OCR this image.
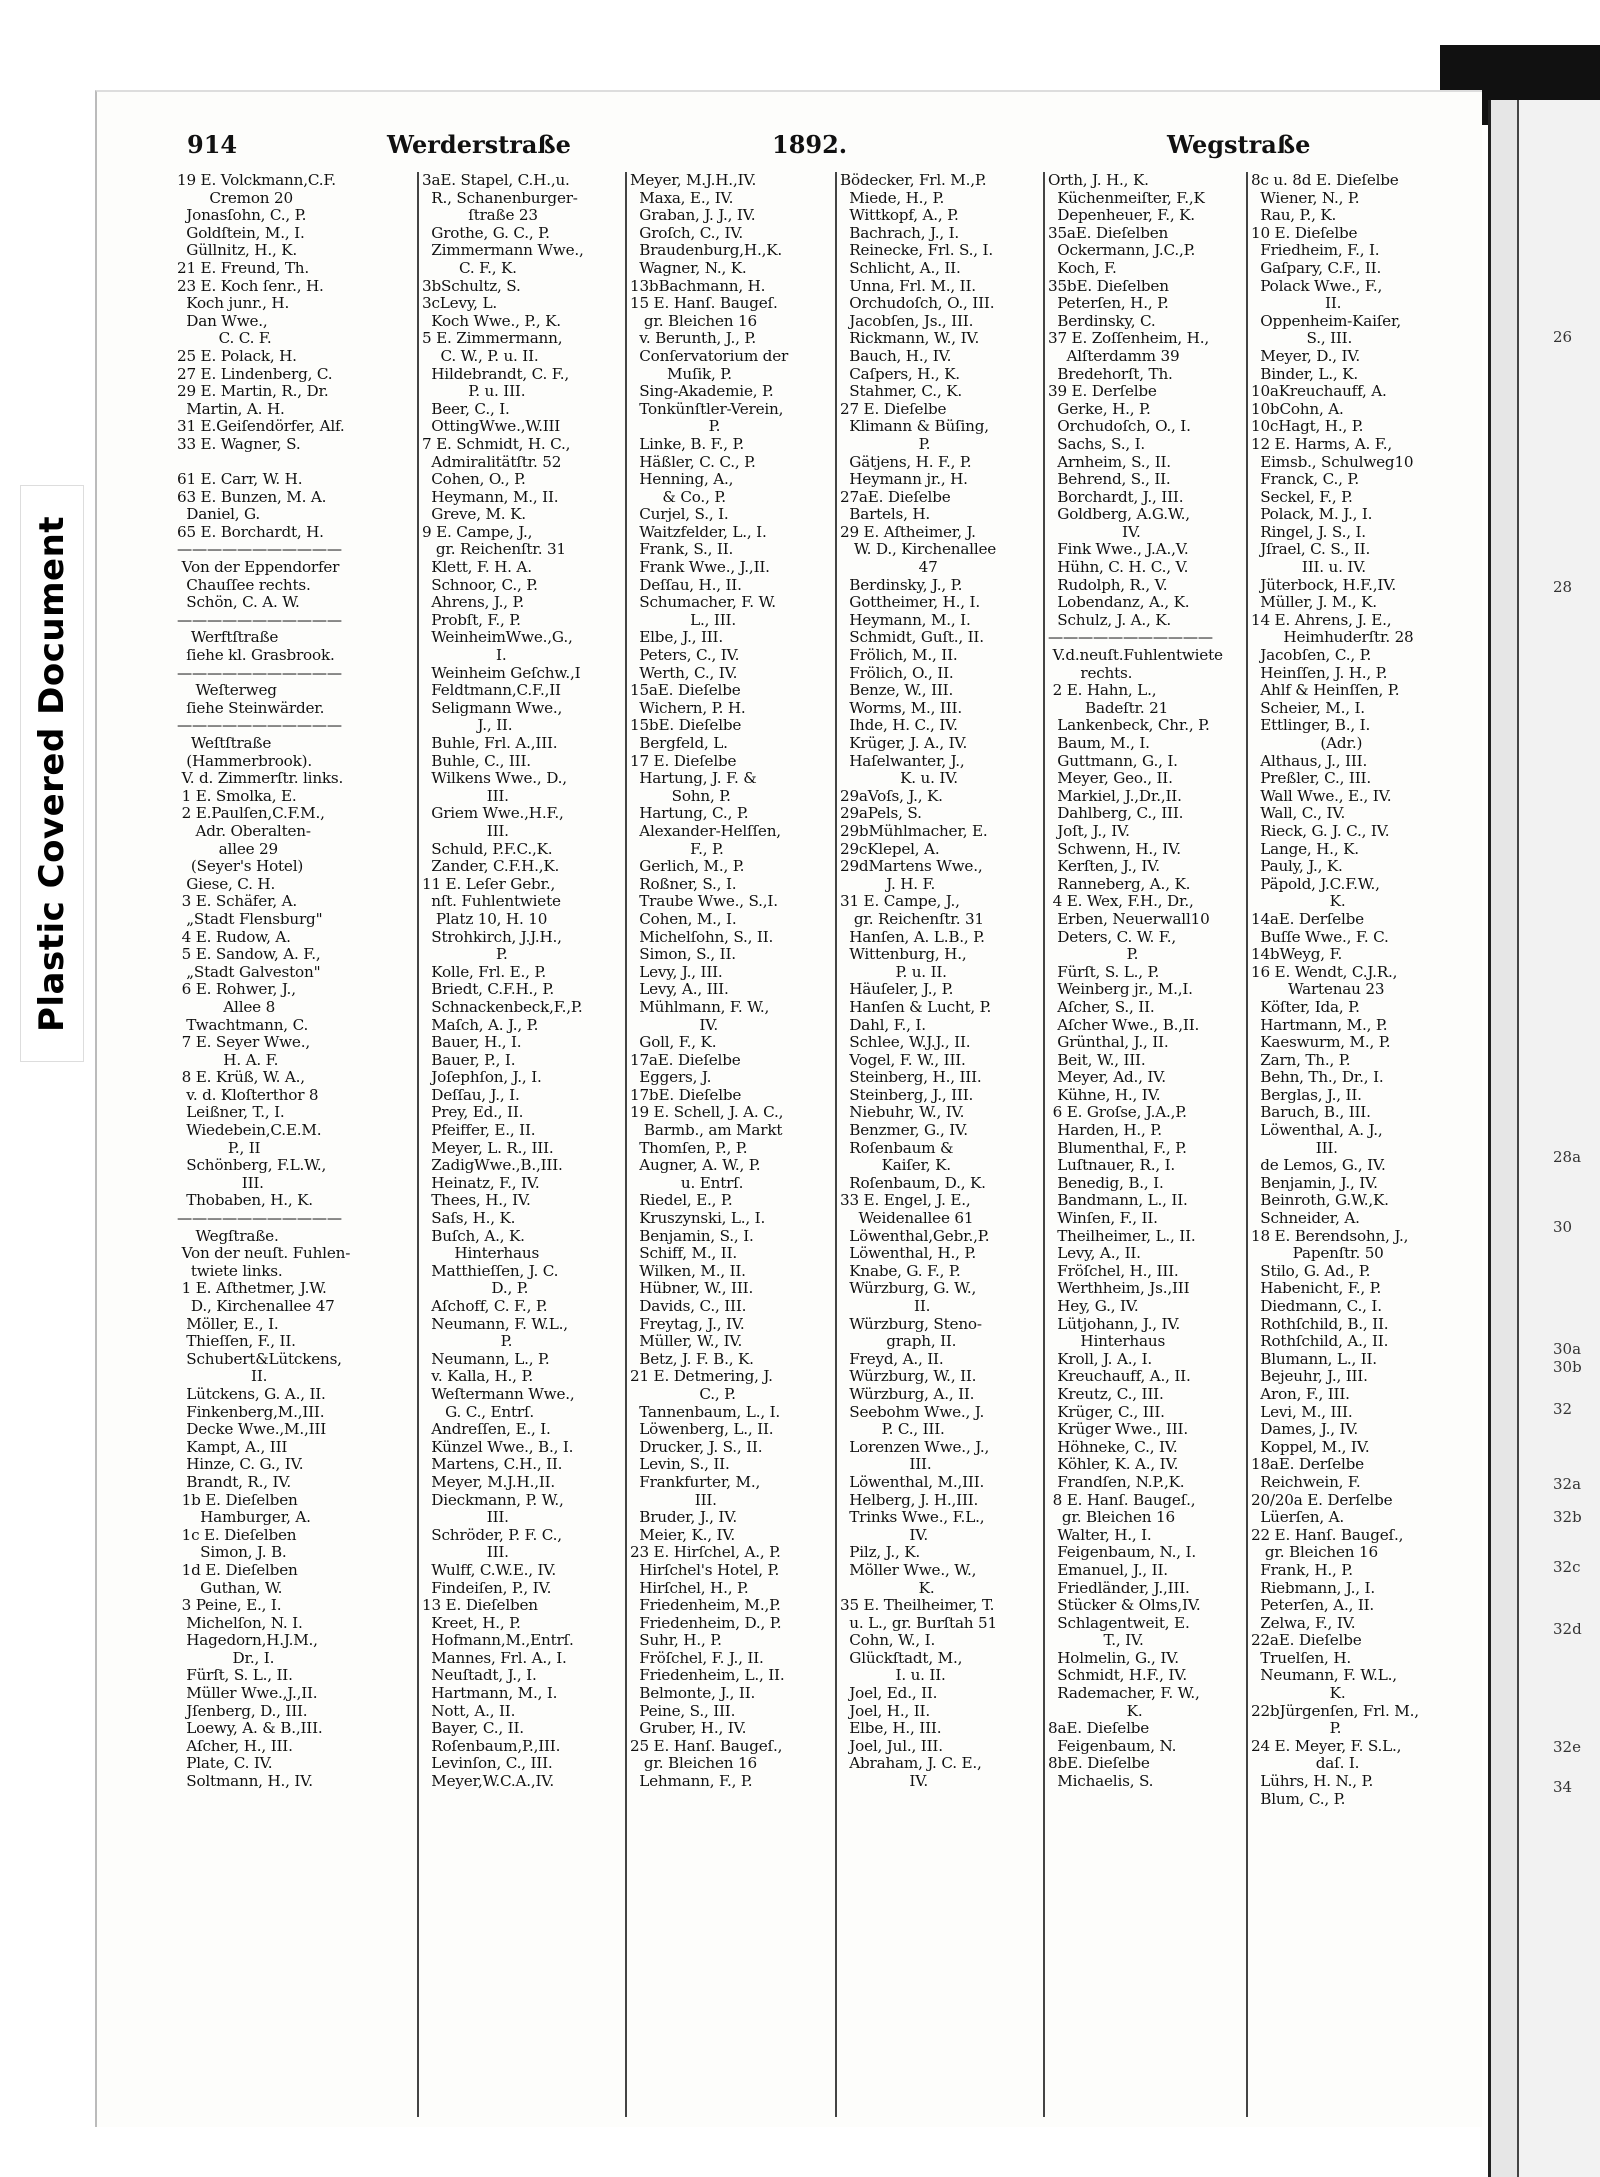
Plastic Covered Document
26
28
28a
30
30a
30b
32
32a
32b
32c
32d
32e
34
914	Werderstraße	1892.	Wegstraße
19 E. Volckmann,C.F.
Cremon 20
Jonasſohn, C., P.
Goldſtein, M., I.
Güllnitz, H., K.
21 E. Freund, Th.
23 E. Koch ſenr., H.
Koch junr., H.
Dan Wwe.,
C. C. F.
25 E. Polack, H.
27 E. Lindenberg, C.
29 E. Martin, R., Dr.
Martin, A. H.
31 E.Geiſendörfer, Alf.
33 E. Wagner, S.

61 E. Carr, W. H.
63 E. Bunzen, M. A.
Daniel, G.
65 E. Borchardt, H.
———————————
Von der Eppendorfer
Chauſſee rechts.
Schön, C. A. W.
———————————
Werftſtraße
ſiehe kl. Grasbrook.
———————————
Weſterweg
ſiehe Steinwärder.
———————————
Weſtſtraße
(Hammerbrook).
V. d. Zimmerſtr. links.
1 E. Smolka, E.
2 E.Paulſen,C.F.M.,
Adr. Oberalten-
allee 29
(Seyer's Hotel)
Giese, C. H.
3 E. Schäfer, A.
„Stadt Flensburg"
4 E. Rudow, A.
5 E. Sandow, A. F.,
„Stadt Galveston"
6 E. Rohwer, J.,
Allee 8
Twachtmann, C.
7 E. Seyer Wwe.,
H. A. F.
8 E. Krüß, W. A.,
v. d. Kloſterthor 8
Leißner, T., I.
Wiedebein,C.E.M.
P., II
Schönberg, F.L.W.,
III.
Thobaben, H., K.
———————————
Wegſtraße.
Von der neuſt. Fuhlen-
twiete links.
1 E. Aſthetmer, J.W.
D., Kirchenallee 47
Möller, E., I.
Thieſſen, F., II.
Schubert&Lütckens,
II.
Lütckens, G. A., II.
Finkenberg,M.,III.
Decke Wwe.,M.,III
Kampt, A., III
Hinze, C. G., IV.
Brandt, R., IV.
1b E. Dieſelben
Hamburger, A.
1c E. Dieſelben
Simon, J. B.
1d E. Dieſelben
Guthan, W.
3 Peine, E., I.
Michelſon, N. I.
Hagedorn,H.J.M.,
Dr., I.
Fürſt, S. L., II.
Müller Wwe.,J.,II.
Jſenberg, D., III.
Loewy, A. & B.,III.
Aſcher, H., III.
Plate, C. IV.
Soltmann, H., IV.
3aE. Stapel, C.H.,u.
R., Schanenburger-
ſtraße 23
Grothe, G. C., P.
Zimmermann Wwe.,
C. F., K.
3bSchultz, S.
3cLevy, L.
Koch Wwe., P., K.
5 E. Zimmermann,
C. W., P. u. II.
Hildebrandt, C. F.,
P. u. III.
Beer, C., I.
OttingWwe.,W.III
7 E. Schmidt, H. C.,
Admiralitätſtr. 52
Cohen, O., P.
Heymann, M., II.
Greve, M. K.
9 E. Campe, J.,
gr. Reichenſtr. 31
Klett, F. H. A.
Schnoor, C., P.
Ahrens, J., P.
Probſt, F., P.
WeinheimWwe.,G.,
I.
Weinheim Geſchw.,I
Feldtmann,C.F.,II
Seligmann Wwe.,
J., II.
Buhle, Frl. A.,III.
Buhle, C., III.
Wilkens Wwe., D.,
III.
Griem Wwe.,H.F.,
III.
Schuld, P.F.C.,K.
Zander, C.F.H.,K.
11 E. Leſer Gebr.,
nſt. Fuhlentwiete
Platz 10, H. 10
Strohkirch, J.J.H.,
P.
Kolle, Frl. E., P.
Briedt, C.F.H., P.
Schnackenbeck,F.,P.
Maſch, A. J., P.
Bauer, H., I.
Bauer, P., I.
Joſephſon, J., I.
Deſſau, J., I.
Prey, Ed., II.
Pfeiffer, E., II.
Meyer, L. R., III.
ZadigWwe.,B.,III.
Heinatz, F., IV.
Thees, H., IV.
Saſs, H., K.
Buſch, A., K.
Hinterhaus
Matthieſſen, J. C.
D., P.
Aſchoff, C. F., P.
Neumann, F. W.L.,
P.
Neumann, L., P.
v. Kalla, H., P.
Weſtermann Wwe.,
G. C., Entrſ.
Andreſſen, E., I.
Künzel Wwe., B., I.
Martens, C.H., II.
Meyer, M.J.H.,II.
Dieckmann, P. W.,
III.
Schröder, P. F. C.,
III.
Wulff, C.W.E., IV.
Findeiſen, P., IV.
13 E. Dieſelben
Kreet, H., P.
Hofmann,M.,Entrſ.
Mannes, Frl. A., I.
Neuſtadt, J., I.
Hartmann, M., I.
Nott, A., II.
Bayer, C., II.
Roſenbaum,P.,III.
Levinſon, C., III.
Meyer,W.C.A.,IV.
Meyer, M.J.H.,IV.
Maxa, E., IV.
Graban, J. J., IV.
Groſch, C., IV.
Braudenburg,H.,K.
Wagner, N., K.
13bBachmann, H.
15 E. Hanſ. Baugeſ.
gr. Bleichen 16
v. Berunth, J., P.
Conſervatorium der
Muſik, P.
Sing-Akademie, P.
Tonkünſtler-Verein,
P.
Linke, B. F., P.
Häßler, C. C., P.
Henning, A.,
& Co., P.
Curjel, S., I.
Waitzfelder, L., I.
Frank, S., II.
Frank Wwe., J.,II.
Deſſau, H., II.
Schumacher, F. W.
L., III.
Elbe, J., III.
Peters, C., IV.
Werth, C., IV.
15aE. Dieſelbe
Wichern, P. H.
15bE. Dieſelbe
Bergfeld, L.
17 E. Dieſelbe
Hartung, J. F. &
Sohn, P.
Hartung, C., P.
Alexander-Helſſen,
F., P.
Gerlich, M., P.
Roßner, S., I.
Traube Wwe., S.,I.
Cohen, M., I.
Michelſohn, S., II.
Simon, S., II.
Levy, J., III.
Levy, A., III.
Mühlmann, F. W.,
IV.
Goll, F., K.
17aE. Dieſelbe
Eggers, J.
17bE. Dieſelbe
19 E. Schell, J. A. C.,
Barmb., am Markt
Thomſen, P., P.
Augner, A. W., P.
u. Entrſ.
Riedel, E., P.
Kruszynski, L., I.
Benjamin, S., I.
Schiff, M., II.
Wilken, M., II.
Hübner, W., III.
Davids, C., III.
Freytag, J., IV.
Müller, W., IV.
Betz, J. F. B., K.
21 E. Detmering, J.
C., P.
Tannenbaum, L., I.
Löwenberg, L., II.
Drucker, J. S., II.
Levin, S., II.
Frankfurter, M.,
III.
Bruder, J., IV.
Meier, K., IV.
23 E. Hirſchel, A., P.
Hirſchel's Hotel, P.
Hirſchel, H., P.
Friedenheim, M.,P.
Friedenheim, D., P.
Suhr, H., P.
Fröſchel, F. J., II.
Friedenheim, L., II.
Belmonte, J., II.
Peine, S., III.
Gruber, H., IV.
25 E. Hanſ. Baugeſ.,
gr. Bleichen 16
Lehmann, F., P.
Bödecker, Frl. M.,P.
Miede, H., P.
Wittkopf, A., P.
Bachrach, J., I.
Reinecke, Frl. S., I.
Schlicht, A., II.
Unna, Frl. M., II.
Orchudoſch, O., III.
Jacobſen, Js., III.
Rickmann, W., IV.
Bauch, H., IV.
Caſpers, H., K.
Stahmer, C., K.
27 E. Dieſelbe
Klimann & Büſing,
P.
Gätjens, H. F., P.
Heymann jr., H.
27aE. Dieſelbe
Bartels, H.
29 E. Aſtheimer, J.
W. D., Kirchenallee
47
Berdinsky, J., P.
Gottheimer, H., I.
Heymann, M., I.
Schmidt, Guſt., II.
Frölich, M., II.
Frölich, O., II.
Benze, W., III.
Worms, M., III.
Ihde, H. C., IV.
Krüger, J. A., IV.
Haſelwanter, J.,
K. u. IV.
29aVoſs, J., K.
29aPels, S.
29bMühlmacher, E.
29cKlepel, A.
29dMartens Wwe.,
J. H. F.
31 E. Campe, J.,
gr. Reichenſtr. 31
Hanſen, A. L.B., P.
Wittenburg, H.,
P. u. II.
Häuſeler, J., P.
Hanſen & Lucht, P.
Dahl, F., I.
Schlee, W.J.J., II.
Vogel, F. W., III.
Steinberg, H., III.
Steinberg, J., III.
Niebuhr, W., IV.
Benzmer, G., IV.
Roſenbaum &
Kaiſer, K.
Roſenbaum, D., K.
33 E. Engel, J. E.,
Weidenallee 61
Löwenthal,Gebr.,P.
Löwenthal, H., P.
Knabe, G. F., P.
Würzburg, G. W.,
II.
Würzburg, Steno-
graph, II.
Freyd, A., II.
Würzburg, W., II.
Würzburg, A., II.
Seebohm Wwe., J.
P. C., III.
Lorenzen Wwe., J.,
III.
Löwenthal, M.,III.
Helberg, J. H.,III.
Trinks Wwe., F.L.,
IV.
Pilz, J., K.
Möller Wwe., W.,
K.
35 E. Theilheimer, T.
u. L., gr. Burſtah 51
Cohn, W., I.
Glückſtadt, M.,
I. u. II.
Joel, Ed., II.
Joel, H., II.
Elbe, H., III.
Joel, Jul., III.
Abraham, J. C. E.,
IV.
Orth, J. H., K.
Küchenmeiſter, F.,K
Depenheuer, F., K.
35aE. Dieſelben
Ockermann, J.C.,P.
Koch, F.
35bE. Dieſelben
Peterſen, H., P.
Berdinsky, C.
37 E. Zoſſenheim, H.,
Alſterdamm 39
Bredehorſt, Th.
39 E. Derſelbe
Gerke, H., P.
Orchudoſch, O., I.
Sachs, S., I.
Arnheim, S., II.
Behrend, S., II.
Borchardt, J., III.
Goldberg, A.G.W.,
IV.
Fink Wwe., J.A.,V.
Hühn, C. H. C., V.
Rudolph, R., V.
Lobendanz, A., K.
Schulz, J. A., K.
———————————
V.d.neuſt.Fuhlentwiete
rechts.
2 E. Hahn, L.,
Badeſtr. 21
Lankenbeck, Chr., P.
Baum, M., I.
Guttmann, G., I.
Meyer, Geo., II.
Markiel, J.,Dr.,II.
Dahlberg, C., III.
Joſt, J., IV.
Schwenn, H., IV.
Kerſten, J., IV.
Ranneberg, A., K.
4 E. Wex, F.H., Dr.,
Erben, Neuerwall10
Deters, C. W. F.,
P.
Fürſt, S. L., P.
Weinberg jr., M.,I.
Aſcher, S., II.
Aſcher Wwe., B.,II.
Grünthal, J., II.
Beit, W., III.
Meyer, Ad., IV.
Kühne, H., IV.
6 E. Groſse, J.A.,P.
Harden, H., P.
Blumenthal, F., P.
Luſtnauer, R., I.
Benedig, B., I.
Bandmann, L., II.
Winſen, F., II.
Theilheimer, L., II.
Levy, A., II.
Fröſchel, H., III.
Werthheim, Js.,III
Hey, G., IV.
Lütjohann, J., IV.
Hinterhaus
Kroll, J. A., I.
Kreuchauff, A., II.
Kreutz, C., III.
Krüger, C., III.
Krüger Wwe., III.
Höhneke, C., IV.
Köhler, K. A., IV.
Frandſen, N.P.,K.
8 E. Hanſ. Baugeſ.,
gr. Bleichen 16
Walter, H., I.
Feigenbaum, N., I.
Emanuel, J., II.
Friedländer, J.,III.
Stücker & Olms,IV.
Schlagentweit, E.
T., IV.
Holmelin, G., IV.
Schmidt, H.F., IV.
Rademacher, F. W.,
K.
8aE. Dieſelbe
Feigenbaum, N.
8bE. Dieſelbe
Michaelis, S.
8c u. 8d E. Dieſelbe
Wiener, N., P.
Rau, P., K.
10 E. Dieſelbe
Friedheim, F., I.
Gaſpary, C.F., II.
Polack Wwe., F.,
II.
Oppenheim-Kaiſer,
S., III.
Meyer, D., IV.
Binder, L., K.
10aKreuchauff, A.
10bCohn, A.
10cHagt, H., P.
12 E. Harms, A. F.,
Eimsb., Schulweg10
Franck, C., P.
Seckel, F., P.
Polack, M. J., I.
Ringel, J. S., I.
Jſrael, C. S., II.
III. u. IV.
Jüterbock, H.F.,IV.
Müller, J. M., K.
14 E. Ahrens, J. E.,
Heimhuderſtr. 28
Jacobſen, C., P.
Heinſſen, J. H., P.
Ahlf & Heinſſen, P.
Scheier, M., I.
Ettlinger, B., I.
(Adr.)
Althaus, J., III.
Preßler, C., III.
Wall Wwe., E., IV.
Wall, C., IV.
Rieck, G. J. C., IV.
Lange, H., K.
Pauly, J., K.
Päpold, J.C.F.W.,
K.
14aE. Derſelbe
Buſſe Wwe., F. C.
14bWeyg, F.
16 E. Wendt, C.J.R.,
Wartenau 23
Köſter, Ida, P.
Hartmann, M., P.
Kaeswurm, M., P.
Zarn, Th., P.
Behn, Th., Dr., I.
Berglas, J., II.
Baruch, B., III.
Löwenthal, A. J.,
III.
de Lemos, G., IV.
Benjamin, J., IV.
Beinroth, G.W.,K.
Schneider, A.
18 E. Berendsohn, J.,
Papenſtr. 50
Stilo, G. Ad., P.
Habenicht, F., P.
Diedmann, C., I.
Rothſchild, B., II.
Rothſchild, A., II.
Blumann, L., II.
Bejeuhr, J., III.
Aron, F., III.
Levi, M., III.
Dames, J., IV.
Koppel, M., IV.
18aE. Derſelbe
Reichwein, F.
20/20a E. Derſelbe
Lüerſen, A.
22 E. Hanſ. Baugeſ.,
gr. Bleichen 16
Frank, H., P.
Riebmann, J., I.
Peterſen, A., II.
Zelwa, F., IV.
22aE. Dieſelbe
Truelſen, H.
Neumann, F. W.L.,
K.
22bJürgenſen, Frl. M.,
P.
24 E. Meyer, F. S.L.,
daſ. I.
Lührs, H. N., P.
Blum, C., P.
